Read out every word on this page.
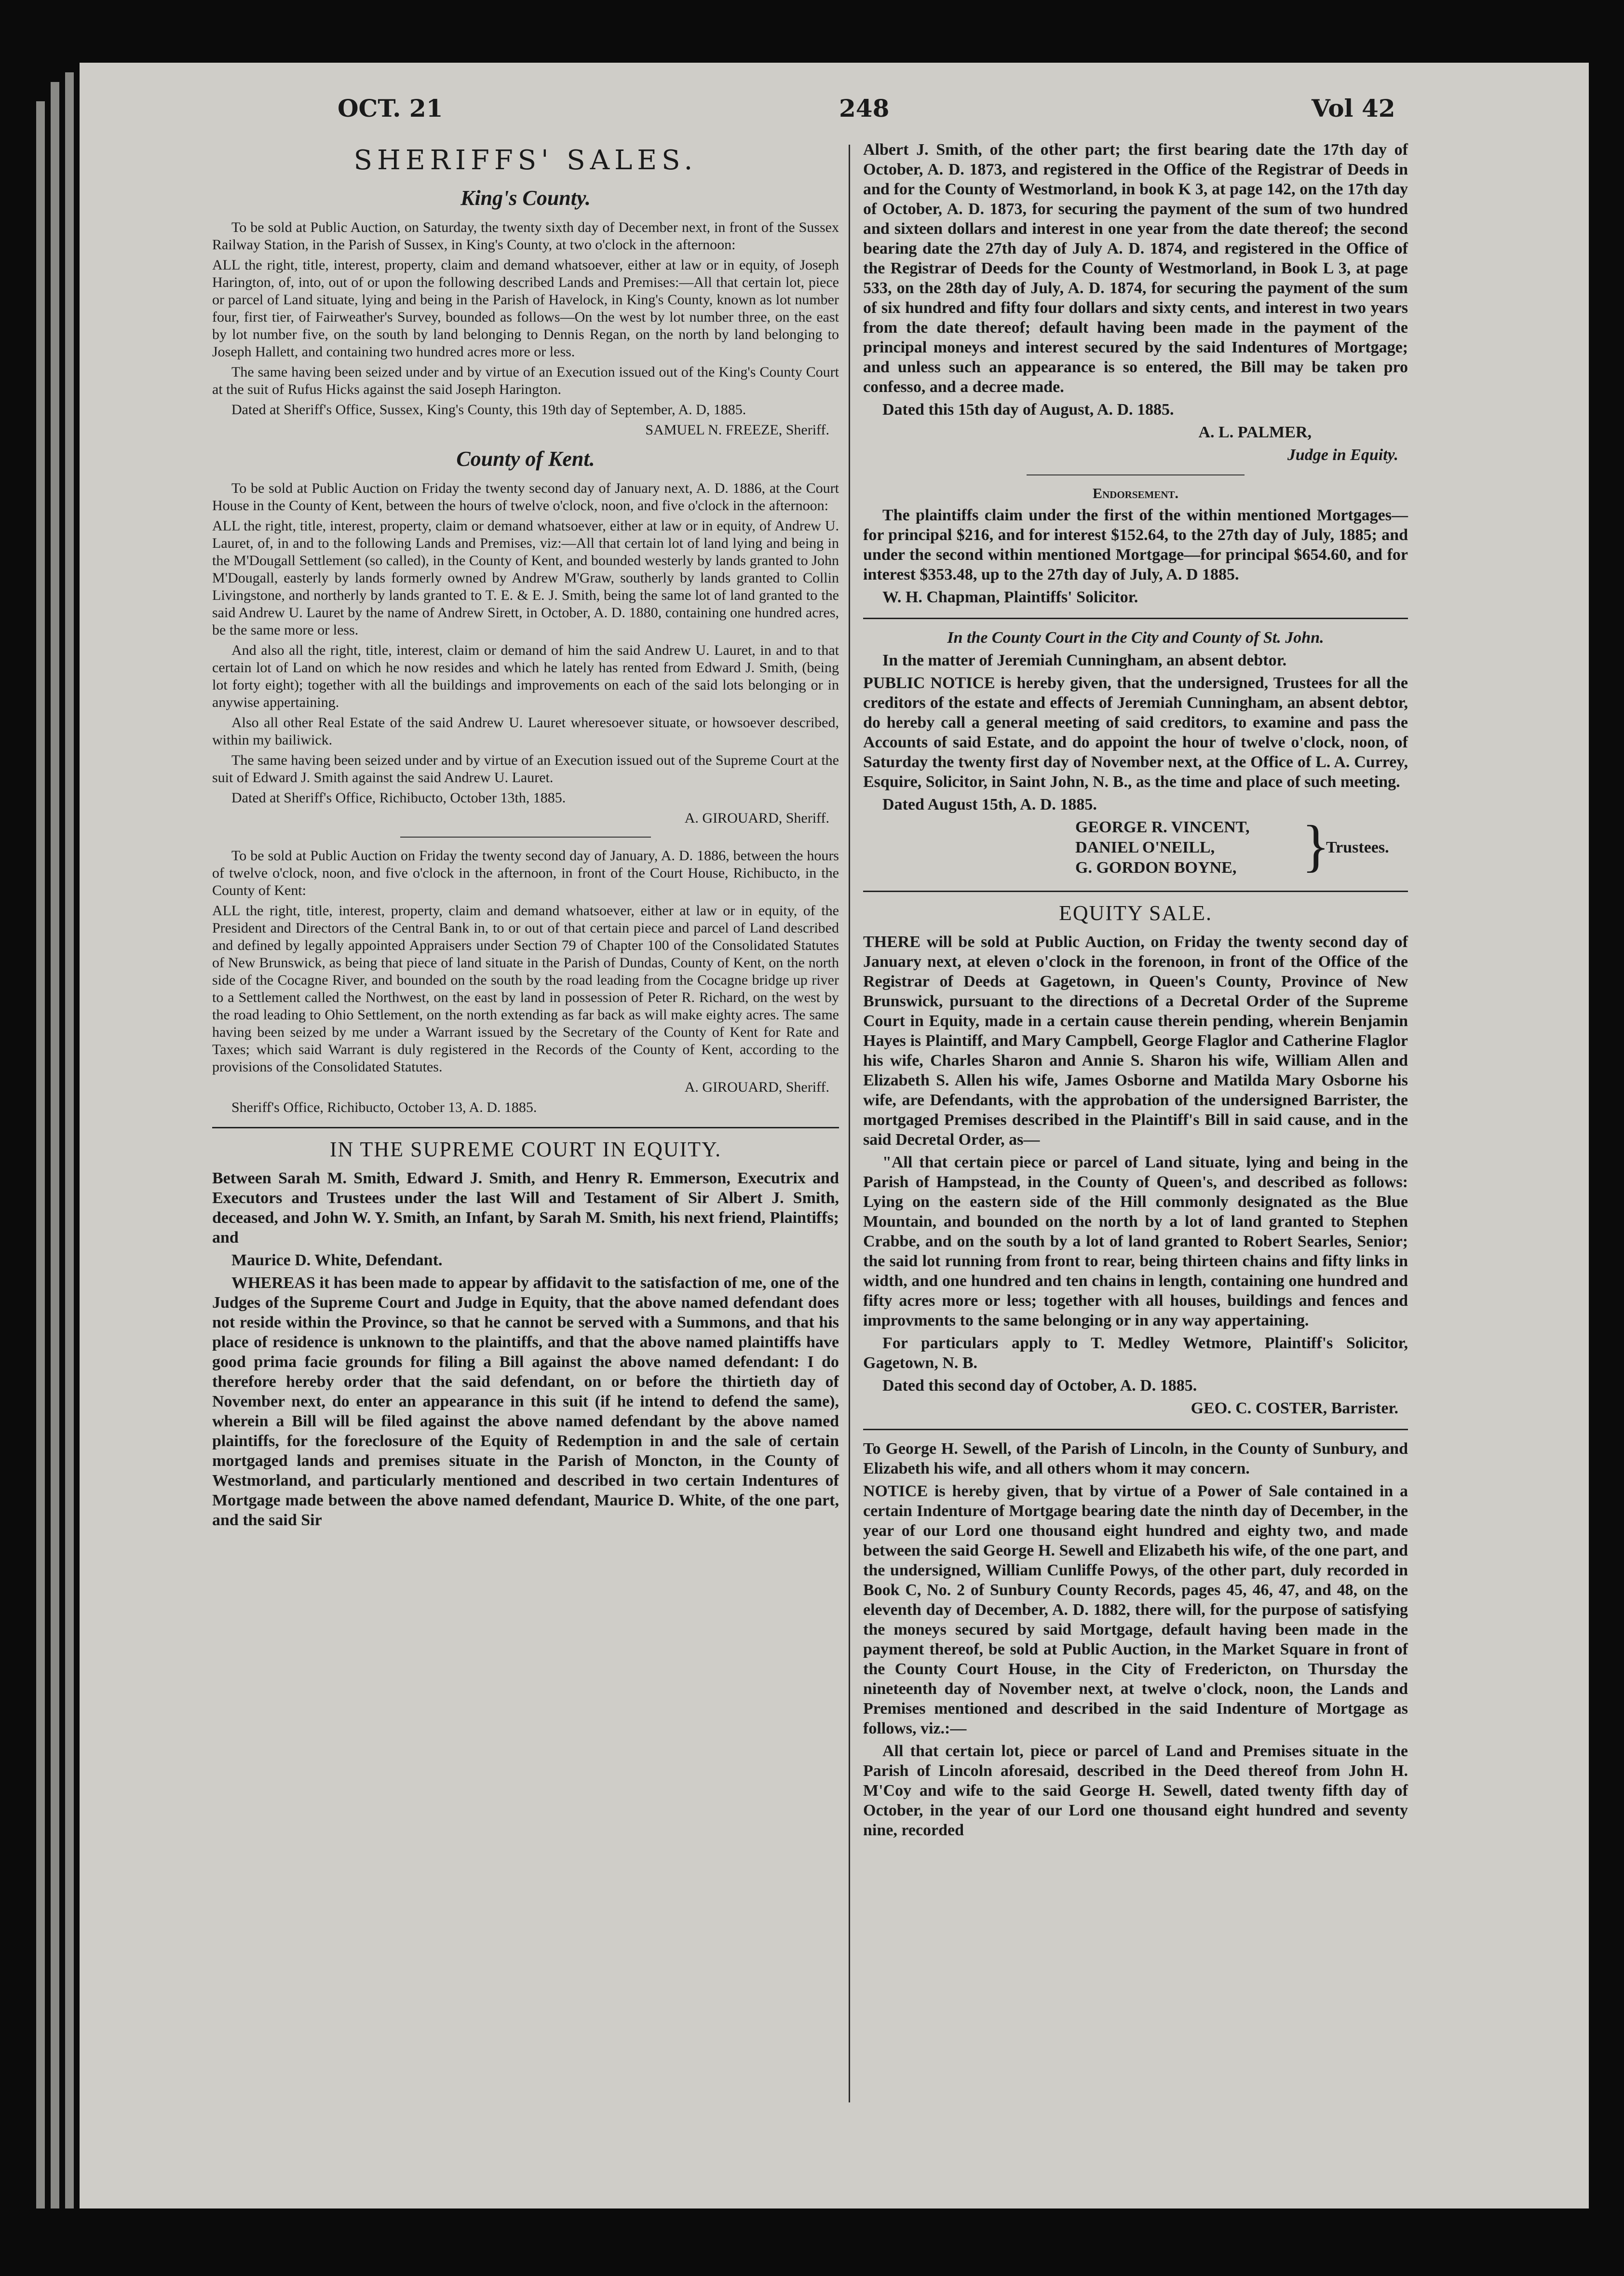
OCT. 21	248	Vol 42
SHERIFFS' SALES.
King's County.

To be sold at Public Auction, on Saturday, the twenty sixth day of December next, in front of the Sussex Railway Station, in the Parish of Sussex, in King's County, at two o'clock in the afternoon:

ALL the right, title, interest, property, claim and demand whatsoever, either at law or in equity, of Joseph Harington, of, into, out of or upon the following described Lands and Premises:—All that certain lot, piece or parcel of Land situate, lying and being in the Parish of Havelock, in King's County, known as lot number four, first tier, of Fairweather's Survey, bounded as follows—On the west by lot number three, on the east by lot number five, on the south by land belonging to Dennis Regan, on the north by land belonging to Joseph Hallett, and containing two hundred acres more or less.

The same having been seized under and by virtue of an Execution issued out of the King's County Court at the suit of Rufus Hicks against the said Joseph Harington.

Dated at Sheriff's Office, Sussex, King's County, this 19th day of September, A. D, 1885.

SAMUEL N. FREEZE, Sheriff.

County of Kent.

To be sold at Public Auction on Friday the twenty second day of January next, A. D. 1886, at the Court House in the County of Kent, between the hours of twelve o'clock, noon, and five o'clock in the afternoon:

ALL the right, title, interest, property, claim or demand whatsoever, either at law or in equity, of Andrew U. Lauret, of, in and to the following Lands and Premises, viz:—All that certain lot of land lying and being in the M'Dougall Settlement (so called), in the County of Kent, and bounded westerly by lands granted to John M'Dougall, easterly by lands formerly owned by Andrew M'Graw, southerly by lands granted to Collin Livingstone, and northerly by lands granted to T. E. & E. J. Smith, being the same lot of land granted to the said Andrew U. Lauret by the name of Andrew Sirett, in October, A. D. 1880, containing one hundred acres, be the same more or less.

And also all the right, title, interest, claim or demand of him the said Andrew U. Lauret, in and to that certain lot of Land on which he now resides and which he lately has rented from Edward J. Smith, (being lot forty eight); together with all the buildings and improvements on each of the said lots belonging or in anywise appertaining.

Also all other Real Estate of the said Andrew U. Lauret wheresoever situate, or howsoever described, within my bailiwick.

The same having been seized under and by virtue of an Execution issued out of the Supreme Court at the suit of Edward J. Smith against the said Andrew U. Lauret.

Dated at Sheriff's Office, Richibucto, October 13th, 1885.

A. GIROUARD, Sheriff.

To be sold at Public Auction on Friday the twenty second day of January, A. D. 1886, between the hours of twelve o'clock, noon, and five o'clock in the afternoon, in front of the Court House, Richibucto, in the County of Kent:

ALL the right, title, interest, property, claim and demand whatsoever, either at law or in equity, of the President and Directors of the Central Bank in, to or out of that certain piece and parcel of Land described and defined by legally appointed Appraisers under Section 79 of Chapter 100 of the Consolidated Statutes of New Brunswick, as being that piece of land situate in the Parish of Dundas, County of Kent, on the north side of the Cocagne River, and bounded on the south by the road leading from the Cocagne bridge up river to a Settlement called the Northwest, on the east by land in possession of Peter R. Richard, on the west by the road leading to Ohio Settlement, on the north extending as far back as will make eighty acres. The same having been seized by me under a Warrant issued by the Secretary of the County of Kent for Rate and Taxes; which said Warrant is duly registered in the Records of the County of Kent, according to the provisions of the Consolidated Statutes.

A. GIROUARD, Sheriff.

Sheriff's Office, Richibucto, October 13, A. D. 1885.

IN THE SUPREME COURT IN EQUITY.

Between Sarah M. Smith, Edward J. Smith, and Henry R. Emmerson, Executrix and Executors and Trustees under the last Will and Testament of Sir Albert J. Smith, deceased, and John W. Y. Smith, an Infant, by Sarah M. Smith, his next friend, Plaintiffs; and

Maurice D. White, Defendant.

WHEREAS it has been made to appear by affidavit to the satisfaction of me, one of the Judges of the Supreme Court and Judge in Equity, that the above named defendant does not reside within the Province, so that he cannot be served with a Summons, and that his place of residence is unknown to the plaintiffs, and that the above named plaintiffs have good prima facie grounds for filing a Bill against the above named defendant: I do therefore hereby order that the said defendant, on or before the thirtieth day of November next, do enter an appearance in this suit (if he intend to defend the same), wherein a Bill will be filed against the above named defendant by the above named plaintiffs, for the foreclosure of the Equity of Redemption in and the sale of certain mortgaged lands and premises situate in the Parish of Moncton, in the County of Westmorland, and particularly mentioned and described in two certain Indentures of Mortgage made between the above named defendant, Maurice D. White, of the one part, and the said Sir

Albert J. Smith, of the other part; the first bearing date the 17th day of October, A. D. 1873, and registered in the Office of the Registrar of Deeds in and for the County of Westmorland, in book K 3, at page 142, on the 17th day of October, A. D. 1873, for securing the payment of the sum of two hundred and sixteen dollars and interest in one year from the date thereof; the second bearing date the 27th day of July A. D. 1874, and registered in the Office of the Registrar of Deeds for the County of Westmorland, in Book L 3, at page 533, on the 28th day of July, A. D. 1874, for securing the payment of the sum of six hundred and fifty four dollars and sixty cents, and interest in two years from the date thereof; default having been made in the payment of the principal moneys and interest secured by the said Indentures of Mortgage; and unless such an appearance is so entered, the Bill may be taken pro confesso, and a decree made.

Dated this 15th day of August, A. D. 1885.

A. L. PALMER,

Judge in Equity.

Endorsement.

The plaintiffs claim under the first of the within mentioned Mortgages—for principal $216, and for interest $152.64, to the 27th day of July, 1885; and under the second within mentioned Mortgage—for principal $654.60, and for interest $353.48, up to the 27th day of July, A. D 1885.

W. H. Chapman, Plaintiffs' Solicitor.

In the County Court in the City and County of St. John.

In the matter of Jeremiah Cunningham, an absent debtor.

PUBLIC NOTICE is hereby given, that the undersigned, Trustees for all the creditors of the estate and effects of Jeremiah Cunningham, an absent debtor, do hereby call a general meeting of said creditors, to examine and pass the Accounts of said Estate, and do appoint the hour of twelve o'clock, noon, of Saturday the twenty first day of November next, at the Office of L. A. Currey, Esquire, Solicitor, in Saint John, N. B., as the time and place of such meeting.

Dated August 15th, A. D. 1885.

GEORGE R. VINCENT,
DANIEL O'NEILL,
G. GORDON BOYNE, }
Trustees.
EQUITY SALE.

THERE will be sold at Public Auction, on Friday the twenty second day of January next, at eleven o'clock in the forenoon, in front of the Office of the Registrar of Deeds at Gagetown, in Queen's County, Province of New Brunswick, pursuant to the directions of a Decretal Order of the Supreme Court in Equity, made in a certain cause therein pending, wherein Benjamin Hayes is Plaintiff, and Mary Campbell, George Flaglor and Catherine Flaglor his wife, Charles Sharon and Annie S. Sharon his wife, William Allen and Elizabeth S. Allen his wife, James Osborne and Matilda Mary Osborne his wife, are Defendants, with the approbation of the undersigned Barrister, the mortgaged Premises described in the Plaintiff's Bill in said cause, and in the said Decretal Order, as—

"All that certain piece or parcel of Land situate, lying and being in the Parish of Hampstead, in the County of Queen's, and described as follows: Lying on the eastern side of the Hill commonly designated as the Blue Mountain, and bounded on the north by a lot of land granted to Stephen Crabbe, and on the south by a lot of land granted to Robert Searles, Senior; the said lot running from front to rear, being thirteen chains and fifty links in width, and one hundred and ten chains in length, containing one hundred and fifty acres more or less; together with all houses, buildings and fences and improvments to the same belonging or in any way appertaining.

For particulars apply to T. Medley Wetmore, Plaintiff's Solicitor, Gagetown, N. B.

Dated this second day of October, A. D. 1885.

GEO. C. COSTER, Barrister.

To George H. Sewell, of the Parish of Lincoln, in the County of Sunbury, and Elizabeth his wife, and all others whom it may concern.

NOTICE is hereby given, that by virtue of a Power of Sale contained in a certain Indenture of Mortgage bearing date the ninth day of December, in the year of our Lord one thousand eight hundred and eighty two, and made between the said George H. Sewell and Elizabeth his wife, of the one part, and the undersigned, William Cunliffe Powys, of the other part, duly recorded in Book C, No. 2 of Sunbury County Records, pages 45, 46, 47, and 48, on the eleventh day of December, A. D. 1882, there will, for the purpose of satisfying the moneys secured by said Mortgage, default having been made in the payment thereof, be sold at Public Auction, in the Market Square in front of the County Court House, in the City of Fredericton, on Thursday the nineteenth day of November next, at twelve o'clock, noon, the Lands and Premises mentioned and described in the said Indenture of Mortgage as follows, viz.:—

All that certain lot, piece or parcel of Land and Premises situate in the Parish of Lincoln aforesaid, described in the Deed thereof from John H. M'Coy and wife to the said George H. Sewell, dated twenty fifth day of October, in the year of our Lord one thousand eight hundred and seventy nine, recorded
